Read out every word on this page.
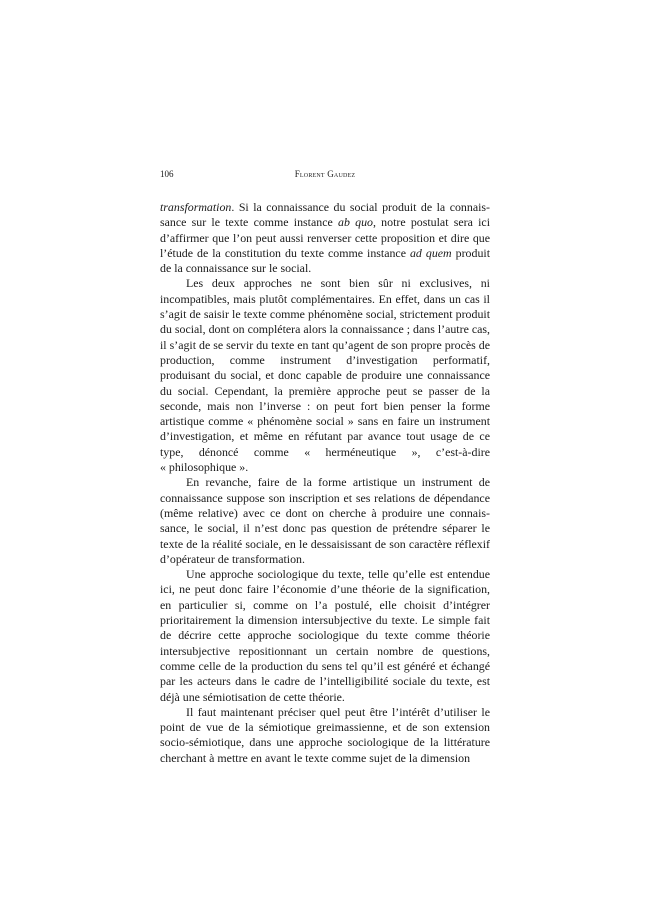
106	Florent Gaudez

transformation. Si la connaissance du social produit de la connaissance sur le texte comme instance ab quo, notre postulat sera ici d’affirmer que l’on peut aussi renverser cette proposition et dire que l’étude de la constitution du texte comme instance ad quem produit de la connaissance sur le social.

Les deux approches ne sont bien sûr ni exclusives, ni incompatibles, mais plutôt complémentaires. En effet, dans un cas il s’agit de saisir le texte comme phénomène social, strictement produit du social, dont on complétera alors la connaissance ; dans l’autre cas, il s’agit de se servir du texte en tant qu’agent de son propre procès de production, comme instrument d’investigation performatif, produisant du social, et donc capable de produire une connaissance du social. Cependant, la première approche peut se passer de la seconde, mais non l’inverse : on peut fort bien penser la forme artistique comme « phénomène social » sans en faire un instrument d’investigation, et même en réfutant par avance tout usage de ce type, dénoncé comme « herméneutique », c’est-à-dire « philosophique ».

En revanche, faire de la forme artistique un instrument de connaissance suppose son inscription et ses relations de dépendance (même relative) avec ce dont on cherche à produire une connaissance, le social, il n’est donc pas question de prétendre séparer le texte de la réalité sociale, en le dessaisissant de son caractère réflexif d’opérateur de transformation.

Une approche sociologique du texte, telle qu’elle est entendue ici, ne peut donc faire l’économie d’une théorie de la signification, en particulier si, comme on l’a postulé, elle choisit d’intégrer prioritairement la dimension intersubjective du texte. Le simple fait de décrire cette approche sociologique du texte comme théorie intersubjective repositionnant un certain nombre de questions, comme celle de la production du sens tel qu’il est généré et échangé par les acteurs dans le cadre de l’intelligibilité sociale du texte, est déjà une sémiotisation de cette théorie.

Il faut maintenant préciser quel peut être l’intérêt d’utiliser le point de vue de la sémiotique greimassienne, et de son extension socio-sémiotique, dans une approche sociologique de la littérature cherchant à mettre en avant le texte comme sujet de la dimension
